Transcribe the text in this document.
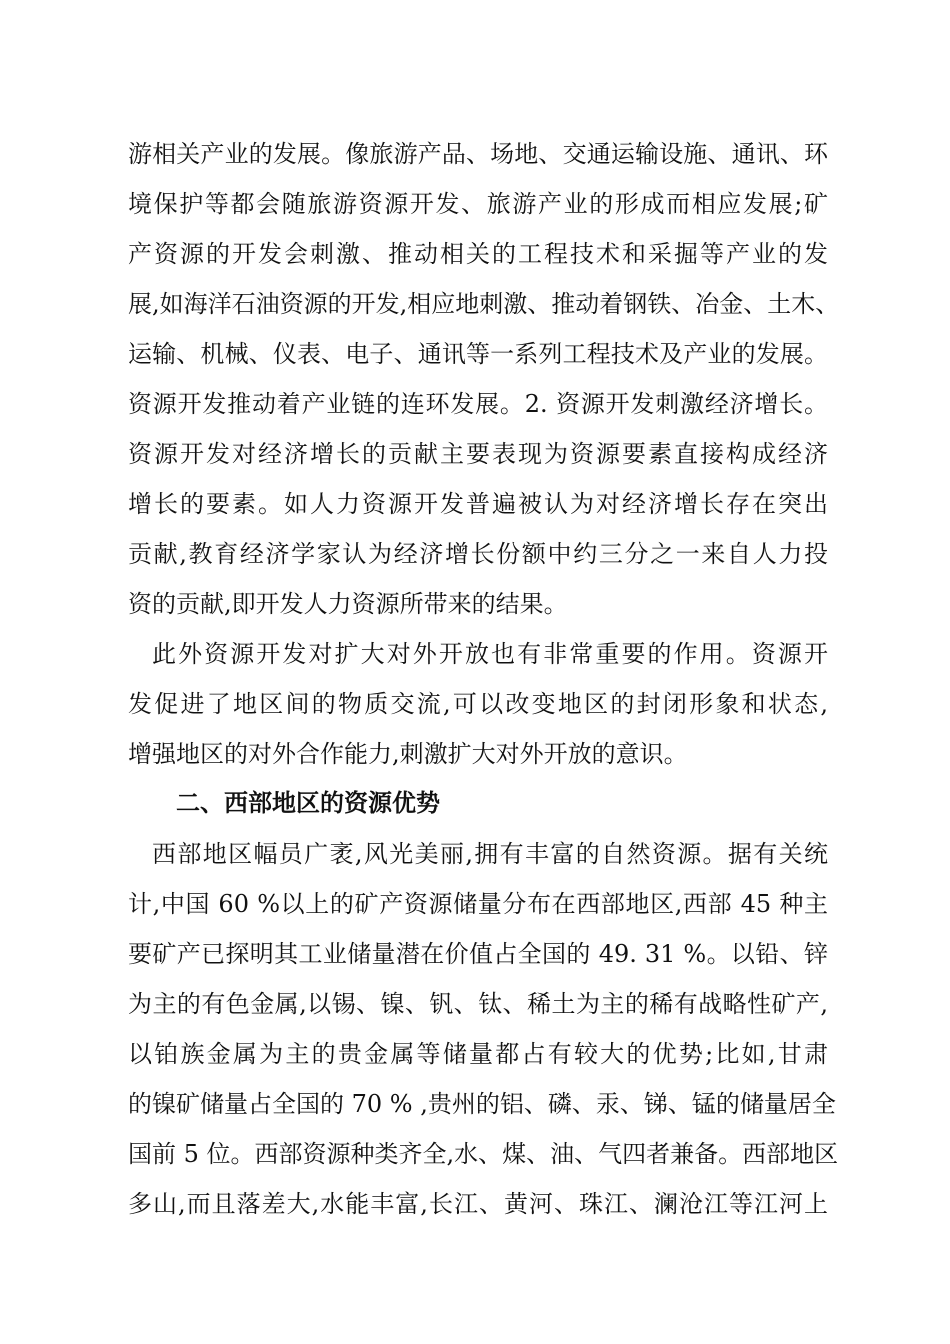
游相关产业的发展。像旅游产品、场地、交通运输设施、通讯、环
境保护等都会随旅游资源开发、旅游产业的形成而相应发展;矿
产资源的开发会刺激、推动相关的工程技术和采掘等产业的发
展,如海洋石油资源的开发,相应地刺激、推动着钢铁、冶金、土木、
运输、机械、仪表、电子、通讯等一系列工程技术及产业的发展。
资源开发推动着产业链的连环发展。2. 资源开发刺激经济增长。
资源开发对经济增长的贡献主要表现为资源要素直接构成经济
增长的要素。如人力资源开发普遍被认为对经济增长存在突出
贡献,教育经济学家认为经济增长份额中约三分之一来自人力投
资的贡献,即开发人力资源所带来的结果。
此外资源开发对扩大对外开放也有非常重要的作用。资源开
发促进了地区间的物质交流,可以改变地区的封闭形象和状态,
增强地区的对外合作能力,刺激扩大对外开放的意识。
二、西部地区的资源优势
西部地区幅员广袤,风光美丽,拥有丰富的自然资源。据有关统
计,中国 60 %以上的矿产资源储量分布在西部地区,西部 45 种主
要矿产已探明其工业储量潜在价值占全国的 49. 31 %。以铅、锌
为主的有色金属,以锡、镍、钒、钛、稀土为主的稀有战略性矿产,
以铂族金属为主的贵金属等储量都占有较大的优势;比如,甘肃
的镍矿储量占全国的 70 % ,贵州的铝、磷、汞、锑、锰的储量居全
国前 5 位。西部资源种类齐全,水、煤、油、气四者兼备。西部地区
多山,而且落差大,水能丰富,长江、黄河、珠江、澜沧江等江河上
